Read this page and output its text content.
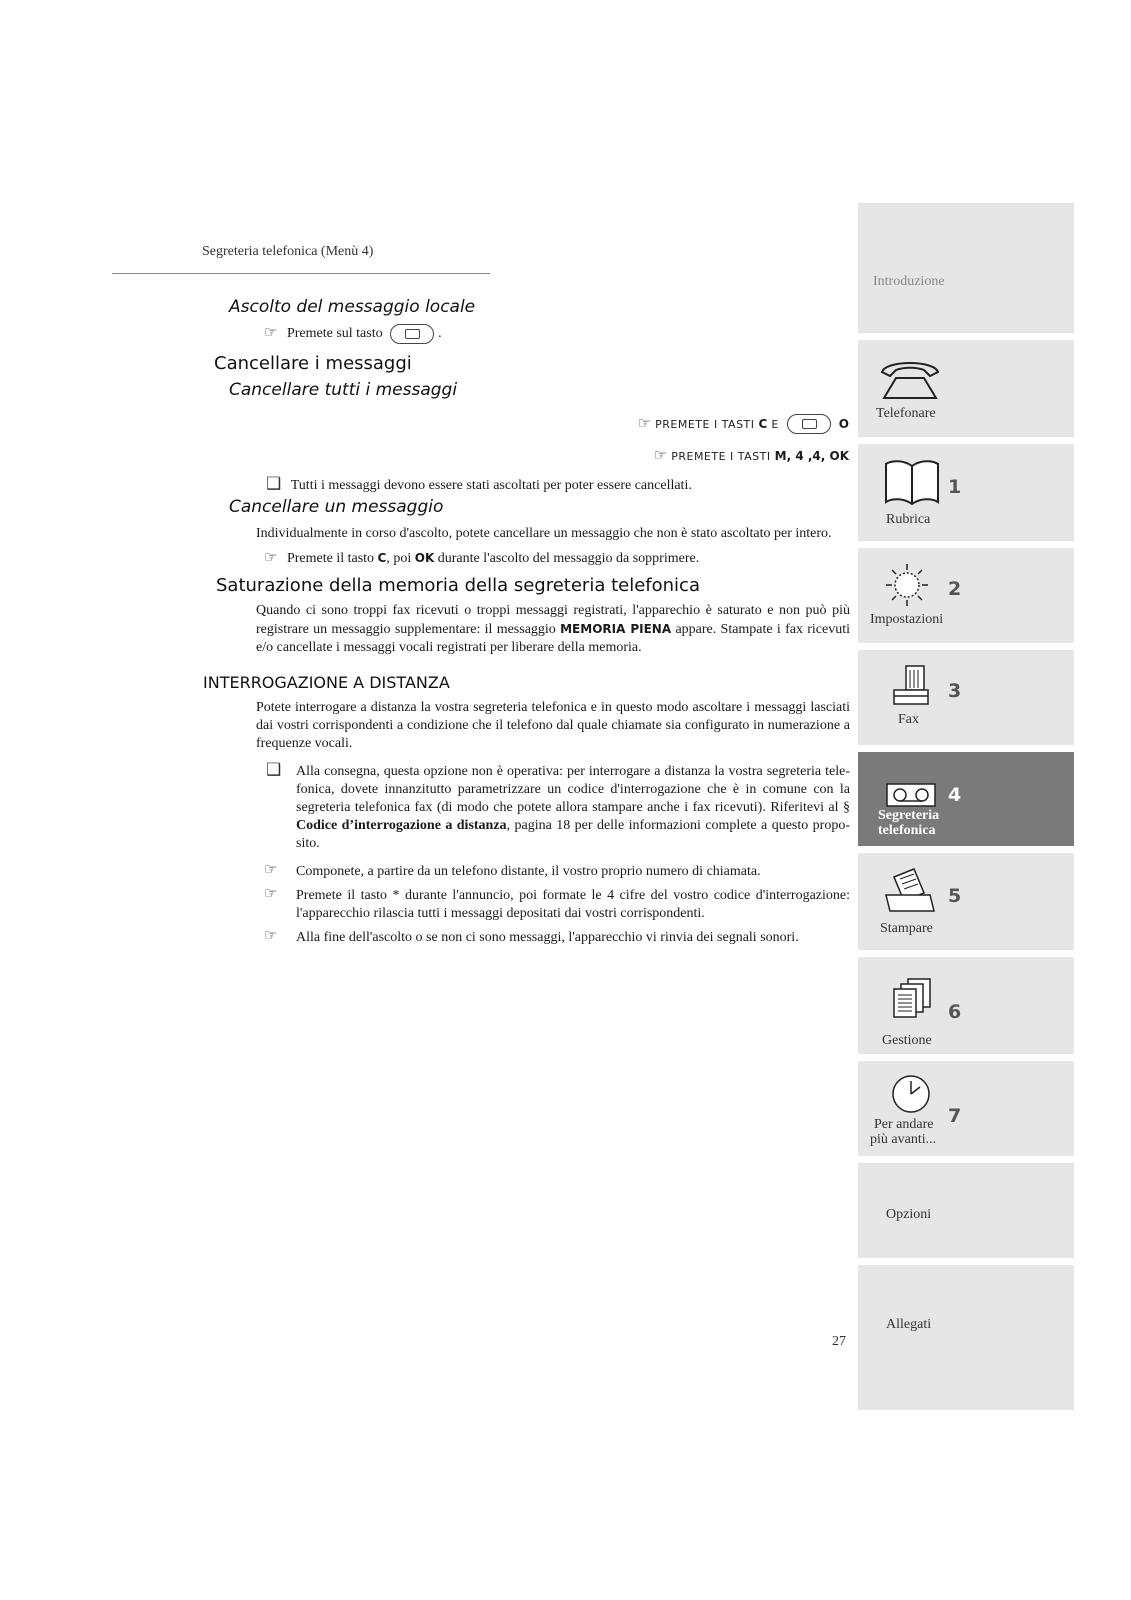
Segreteria telefonica (Menù 4)
Ascolto del messaggio locale
☞ Premete sul tasto	.
Cancellare i messaggi
Cancellare tutti i messaggi
☞ PREMETE I TASTI C E	O
☞ PREMETE I TASTI M, 4 ,4, OK
❑ Tutti i messaggi devono essere stati ascoltati per poter essere cancellati.
Cancellare un messaggio
Individualmente in corso d'ascolto, potete cancellare un messaggio che non è stato ascoltato per intero.
☞ Premete il tasto C, poi OK durante l'ascolto del messaggio da sopprimere.
Saturazione della memoria della segreteria telefonica
Quando ci sono troppi fax ricevuti o troppi messaggi registrati, l'apparechio è saturato e non può più registrare un messaggio supplementare: il messaggio MEMORIA PIENA appare. Stampate i fax ricevuti e/o cancellate i messaggi vocali registrati per liberare della memoria.
INTERROGAZIONE A DISTANZA
Potete interrogare a distanza la vostra segreteria telefonica e in questo modo ascoltare i messaggi lasciati dai vostri corrispondenti a condizione che il telefono dal quale chiamate sia configurato in numerazione a frequenze vocali.
❑ Alla consegna, questa opzione non è operativa: per interrogare a distanza la vostra segreteria tele-fonica, dovete innanzitutto parametrizzare un codice d'interrogazione che è in comune con la segreteria telefonica fax (di modo che potete allora stampare anche i fax ricevuti). Riferitevi al § Codice d’interrogazione a distanza, pagina 18 per delle informazioni complete a questo propo-sito.
☞ Componete, a partire da un telefono distante, il vostro proprio numero di chiamata.
☞ Premete il tasto * durante l'annuncio, poi formate le 4 cifre del vostro codice d'interrogazione: l'apparecchio rilascia tutti i messaggi depositati dai vostri corrispondenti.
☞ Alla fine dell'ascolto o se non ci sono messaggi, l'apparecchio vi rinvia dei segnali sonori.
27
Introduzione
Telefonare
1
Rubrica
2
Impostazioni
3
Fax
4
Segreteria
telefonica
5
Stampare
6
Gestione
7
Per andare
più avanti...
Opzioni
Allegati
